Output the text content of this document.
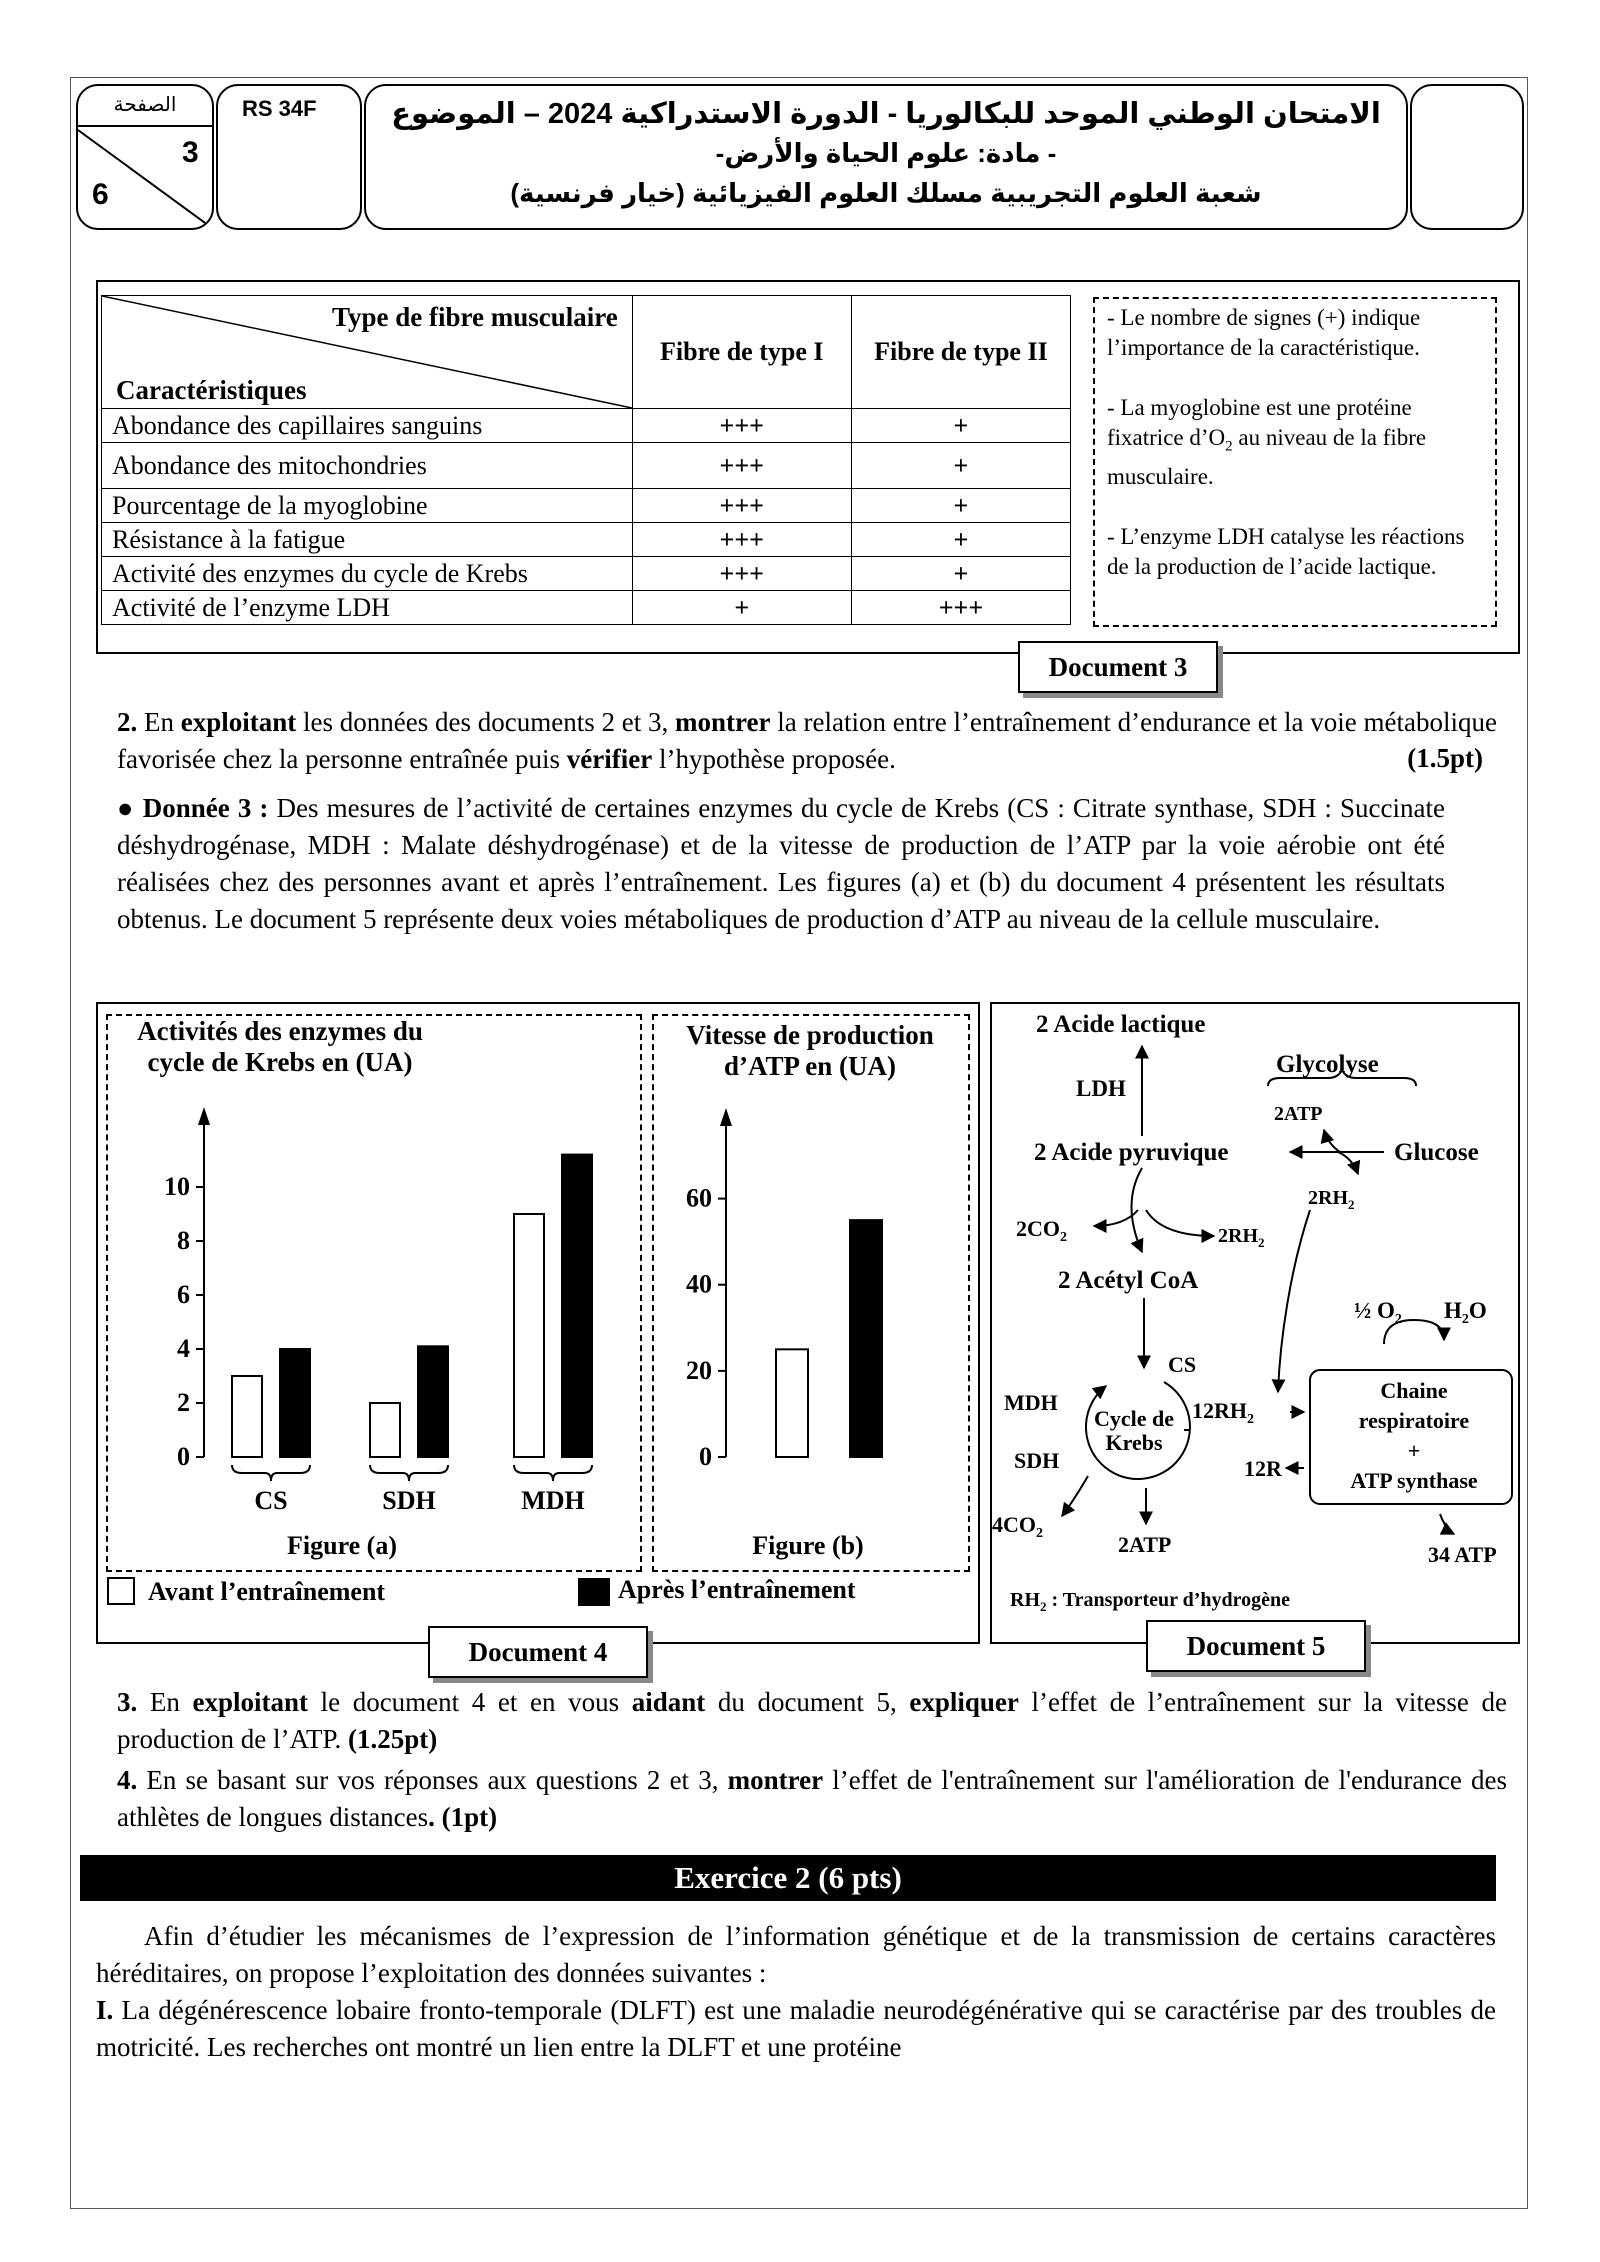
الصفحة
3
6
RS 34F	الامتحان الوطني الموحد للبكالوريا - الدورة الاستدراكية 2024 – الموضوع
- مادة: علوم الحياة والأرض-
شعبة العلوم التجريبية مسلك العلوم الفيزيائية (خيار فرنسية)
Type de fibre musculaire
Caractéristiques	Fibre de type I	Fibre de type II
Abondance des capillaires sanguins	+++	+
Abondance des mitochondries	+++	+
Pourcentage de la myoglobine	+++	+
Résistance à la fatigue	+++	+
Activité des enzymes du cycle de Krebs	+++	+
Activité de l’enzyme LDH	+	+++
- Le nombre de signes (+) indique l’importance de la caractéristique.
- La myoglobine est une protéine fixatrice $d’O_2$ au niveau de la fibre musculaire.
- L’enzyme LDH catalyse les réactions de la production de l’acide lactique.
Document 3
2. En exploitant les données des documents 2 et 3, montrer la relation entre l’entraînement d’endurance et la voie métabolique favorisée chez la personne entraînée puis vérifier l’hypothèse proposée.	(1.5pt)
● Donnée 3 : Des mesures de l’activité de certaines enzymes du cycle de Krebs (CS : Citrate synthase, SDH : Succinate déshydrogénase, MDH : Malate déshydrogénase) et de la vitesse de production de l’ATP par la voie aérobie ont été réalisées chez des personnes avant et après l’entraînement. Les figures (a) et (b) du document 4 présentent les résultats obtenus. Le document 5 représente deux voies métaboliques de production d’ATP au niveau de la cellule musculaire.
Activités des enzymes du
cycle de Krebs en (UA)
Vitesse de production
d’ATP en (UA)
Figure (a)	Figure (b)
0
2
4
6
8
10
CS	SDH	MDH
0
20
40
60
Avant l’entraînement	Après l’entraînement
Document 4
2 Acide lactique
LDH
Glycolyse
2ATP
2 Acide pyruvique	Glucose
$2RH_2$
$2CO_2$	$2RH_2$
2 Acétyl CoA
½ $O_2$ $H_2O$
CS
MDH
SDH
Cycle de
Krebs
$12RH_2$
12R
Chaine
respiratoire
+
ATP synthase
$4CO_2$	2ATP	34 ATP
$RH_2$ : Transporteur d’hydrogène
Document 5
3. En exploitant le document 4 et en vous aidant du document 5, expliquer l’effet de l’entraînement sur la vitesse de production de l’ATP. (1.25pt)
4. En se basant sur vos réponses aux questions 2 et 3, montrer l’effet de l'entraînement sur l'amélioration de l'endurance des athlètes de longues distances. (1pt)
Exercice 2 (6 pts)
Afin d’étudier les mécanismes de l’expression de l’information génétique et de la transmission de certains caractères héréditaires, on propose l’exploitation des données suivantes :
I. La dégénérescence lobaire fronto-temporale (DLFT) est une maladie neurodégénérative qui se caractérise par des troubles de motricité. Les recherches ont montré un lien entre la DLFT et une protéine
